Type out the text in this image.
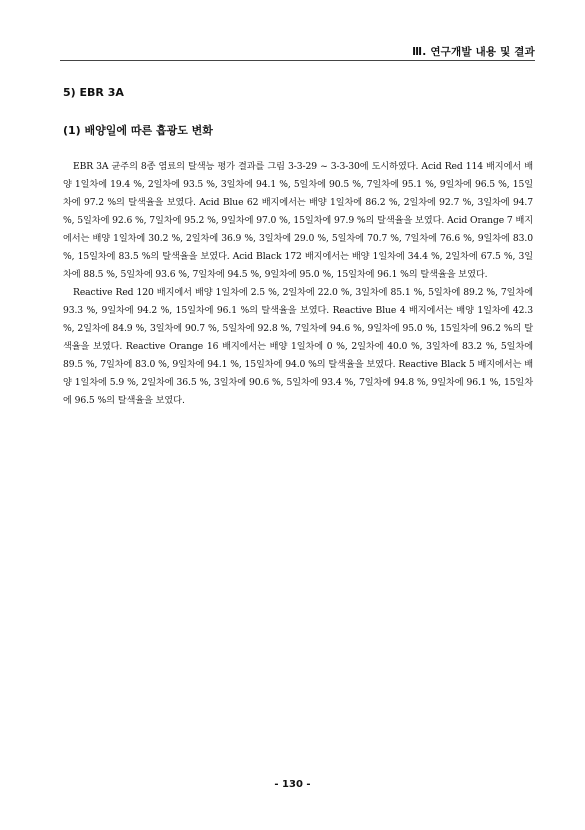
Ⅲ. 연구개발 내용 및 결과
5) EBR 3A
(1) 배양일에 따른 흡광도 변화

EBR 3A 균주의 8종 염료의 탈색능 평가 결과를 그림 3-3-29 ~ 3-3-30에 도시하였다. Acid Red 114 배지에서 배양 1일차에 19.4 %, 2일차에 93.5 %, 3일차에 94.1 %, 5일차에 90.5 %, 7일차에 95.1 %, 9일차에 96.5 %, 15일차에 97.2 %의 탈색율을 보였다. Acid Blue 62 배지에서는 배양 1일차에 86.2 %, 2일차에 92.7 %, 3일차에 94.7 %, 5일차에 92.6 %, 7일차에 95.2 %, 9일차에 97.0 %, 15일차에 97.9 %의 탈색율을 보였다. Acid Orange 7 배지에서는 배양 1일차에 30.2 %, 2일차에 36.9 %, 3일차에 29.0 %, 5일차에 70.7 %, 7일차에 76.6 %, 9일차에 83.0 %, 15일차에 83.5 %의 탈색율을 보였다. Acid Black 172 배지에서는 배양 1일차에 34.4 %, 2일차에 67.5 %, 3일차에 88.5 %, 5일차에 93.6 %, 7일차에 94.5 %, 9일차에 95.0 %, 15일차에 96.1 %의 탈색율을 보였다.

Reactive Red 120 배지에서 배양 1일차에 2.5 %, 2일차에 22.0 %, 3일차에 85.1 %, 5일차에 89.2 %, 7일차에 93.3 %, 9일차에 94.2 %, 15일차에 96.1 %의 탈색율을 보였다. Reactive Blue 4 배지에서는 배양 1일차에 42.3 %, 2일차에 84.9 %, 3일차에 90.7 %, 5일차에 92.8 %, 7일차에 94.6 %, 9일차에 95.0 %, 15일차에 96.2 %의 탈색율을 보였다. Reactive Orange 16 배지에서는 배양 1일차에 0 %, 2일차에 40.0 %, 3일차에 83.2 %, 5일차에 89.5 %, 7일차에 83.0 %, 9일차에 94.1 %, 15일차에 94.0 %의 탈색율을 보였다. Reactive Black 5 배지에서는 배양 1일차에 5.9 %, 2일차에 36.5 %, 3일차에 90.6 %, 5일차에 93.4 %, 7일차에 94.8 %, 9일차에 96.1 %, 15일차에 96.5 %의 탈색율을 보였다.

- 130 -
